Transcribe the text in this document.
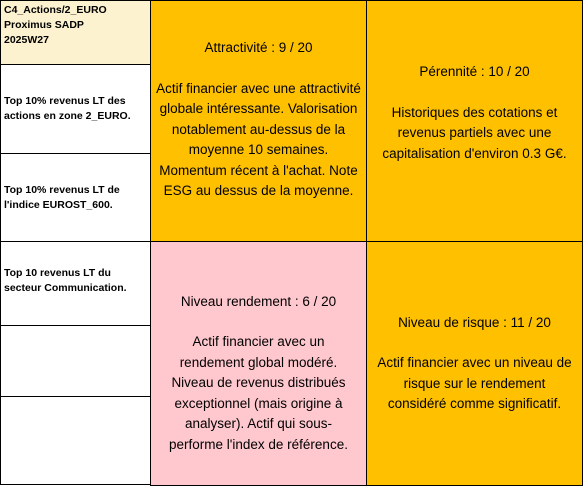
C4_Actions/2_EURO
Proximus SADP
2025W27
Top 10% revenus LT des actions en zone 2_EURO.
Top 10% revenus LT de l'indice EUROST_600.
Top 10 revenus LT du secteur Communication.
Attractivité : 9 / 20
Actif financier avec une attractivité globale intéressante. Valorisation notablement au-dessus de la moyenne 10 semaines. Momentum récent à l'achat. Note ESG au dessus de la moyenne.
Pérennité : 10 / 20
Historiques des cotations et revenus partiels avec une capitalisation d'environ 0.3 G€.
Niveau rendement : 6 / 20
Actif financier avec un rendement global modéré. Niveau de revenus distribués exceptionnel (mais origine à analyser). Actif qui sous-performe l'index de référence.
Niveau de risque : 11 / 20
Actif financier avec un niveau de risque sur le rendement considéré comme significatif.
